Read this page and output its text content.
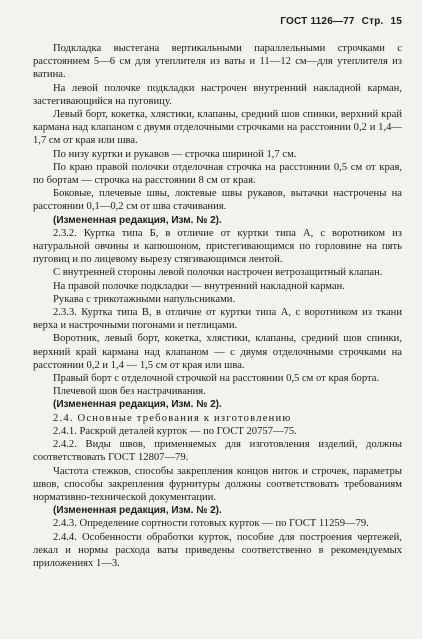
ГОСТ 1126—77 Стр. 15

Подкладка выстегана вертикальными параллельными строчками с расстоянием 5—6 см для утеплителя из ваты и 11—12 см—для утеплителя из ватина.

На левой полочке подкладки настрочен внутренний накладной карман, застегивающийся на пуговицу.

Левый борт, кокетка, хлястики, клапаны, средний шов спинки, верхний край кармана над клапаном с двумя отделочными строчками на расстоянии 0,2 и 1,4—1,7 см от края или шва.

По низу куртки и рукавов — строчка шириной 1,7 см.

По краю правой полочки отделочная строчка на расстоянии 0,5 см от края, по бортам — строчка на расстоянии 8 см от края.

Боковые, плечевые швы, локтевые швы рукавов, вытачки настрочены на расстоянии 0,1—0,2 см от шва стачивания.

(Измененная редакция, Изм. № 2).

2.3.2. Куртка типа Б, в отличие от куртки типа А, с воротником из натуральной овчины и капюшоном, пристегивающимся по горловине на пять пуговиц и по лицевому вырезу стягивающимся лентой.

С внутренней стороны левой полочки настрочен ветрозащитный клапан.

На правой полочке подкладки — внутренний накладной карман.

Рукава с трикотажными напульсниками.

2.3.3. Куртка типа В, в отличие от куртки типа А, с воротником из ткани верха и настрочными погонами и петлицами.

Воротник, левый борт, кокетка, хлястики, клапаны, средний шов спинки, верхний край кармана над клапаном — с двумя отделочными строчками на расстоянии 0,2 и 1,4 — 1,5 см от края или шва.

Правый борт с отделочной строчкой на расстоянии 0,5 см от края борта.

Плечевой шов без настрачивания.

(Измененная редакция, Изм. № 2).

2.4. Основные требования к изготовлению

2.4.1. Раскрой деталей курток — по ГОСТ 20757—75.

2.4.2. Виды швов, применяемых для изготовления изделий, должны соответствовать ГОСТ 12807—79.

Частота стежков, способы закрепления концов ниток и строчек, параметры швов, способы закрепления фурнитуры должны соответствовать требованиям нормативно-технической документации.

(Измененная редакция, Изм. № 2).

2.4.3. Определение сортности готовых курток — по ГОСТ 11259—79.

2.4.4. Особенности обработки курток, пособие для построения чертежей, лекал и нормы расхода ваты приведены соответственно в рекомендуемых приложениях 1—3.
